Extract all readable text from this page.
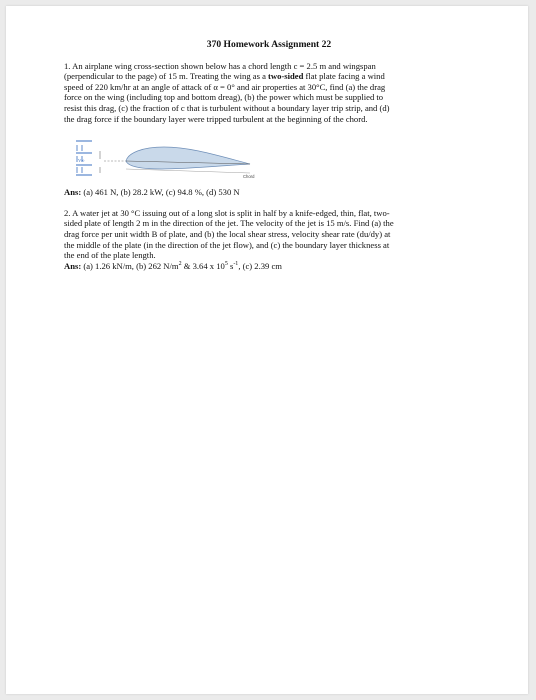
370 Homework Assignment 22

1. An airplane wing cross-section shown below has a chord length c = 2.5 m and wingspan
(perpendicular to the page) of 15 m. Treating the wing as a two-sided flat plate facing a wind
speed of 220 km/hr at an angle of attack of α = 0° and air properties at 30°C, find (a) the drag
force on the wing (including top and bottom dreag), (b) the power which must be supplied to
resist this drag, (c) the fraction of c that is turbulent without a boundary layer trip strip, and (d)
the drag force if the boundary layer were tripped turbulent at the beginning of the chord.

V∞
Chord

Ans: (a) 461 N, (b) 28.2 kW, (c) 94.8 %, (d) 530 N

2. A water jet at 30 °C issuing out of a long slot is split in half by a knife-edged, thin, flat, two-
sided plate of length 2 m in the direction of the jet. The velocity of the jet is 15 m/s. Find (a) the
drag force per unit width B of plate, and (b) the local shear stress, velocity shear rate (du/dy) at
the middle of the plate (in the direction of the jet flow), and (c) the boundary layer thickness at
the end of the plate length.

Ans: (a) 1.26 kN/m, (b) 262 $N/m^2$ & 3.64 x $10^5$ $s^{-1}$, (c) 2.39 cm
